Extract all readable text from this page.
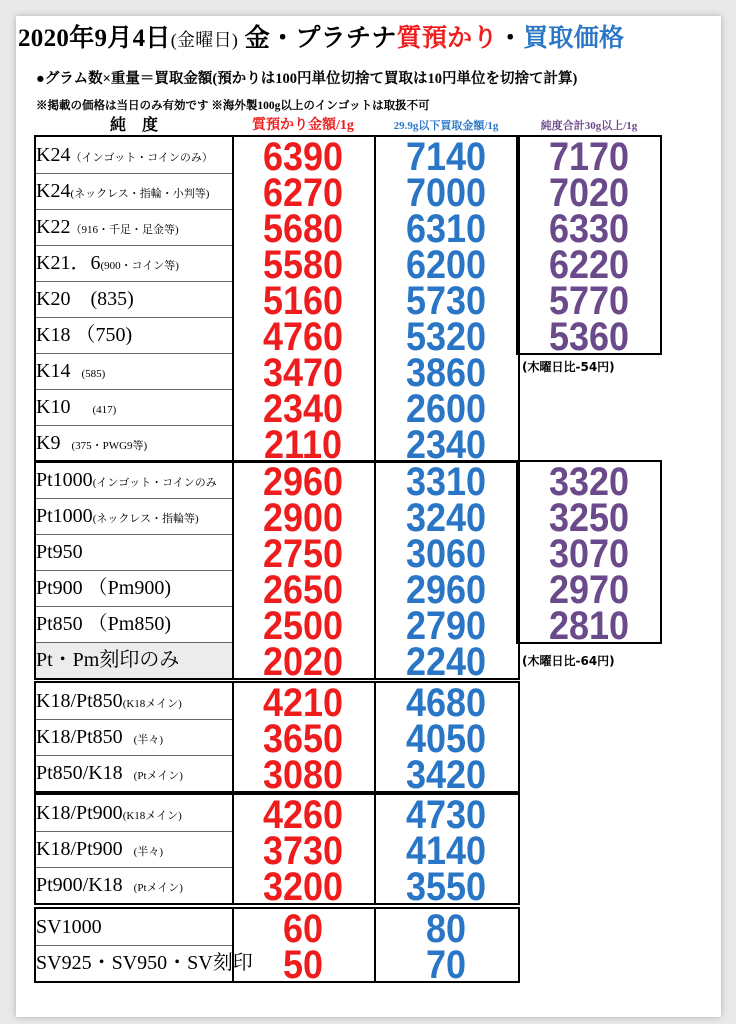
2020年9月4日(金曜日) 金・プラチナ質預かり・買取価格
●グラム数×重量＝買取金額(預かりは100円単位切捨て買取は10円単位を切捨て計算)
※掲載の価格は当日のみ有効です ※海外製100g以上のインゴットは取扱不可
純　度	質預かり金額/1g	29.9g以下買取金額/1g	純度合計30g以上/1g
K24（インゴット・コインのみ）	6390	7140	7170
K24(ネックレス・指輪・小判等)	6270	7000	7020
K22（916・千足・足金等)	5680	6310	6330
K21．6(900・コイン等)	5580	6200	6220
K20　(835)	5160	5730	5770
K18 （750)	4760	5320	5360
K14　(585)	3470	3860
K10　　(417)	2340	2600
K9　(375・PWG9等)	2110	2340
(木曜日比-54円)
Pt1000(インゴット・コインのみ	2960	3310	3320
Pt1000(ネックレス・指輪等)	2900	3240	3250
Pt950	2750	3060	3070
Pt900 （Pm900)	2650	2960	2970
Pt850 （Pm850)	2500	2790	2810
Pt・Pm刻印のみ	2020	2240	(木曜日比-64円)
K18/Pt850(K18メイン)	4210	4680
K18/Pt850　(半々)	3650	4050
Pt850/K18　(Ptメイン)	3080	3420
K18/Pt900(K18メイン)	4260	4730
K18/Pt900　(半々)	3730	4140
Pt900/K18　(Ptメイン)	3200	3550
SV1000	60	80
SV925・SV950・SV刻印 50	70
